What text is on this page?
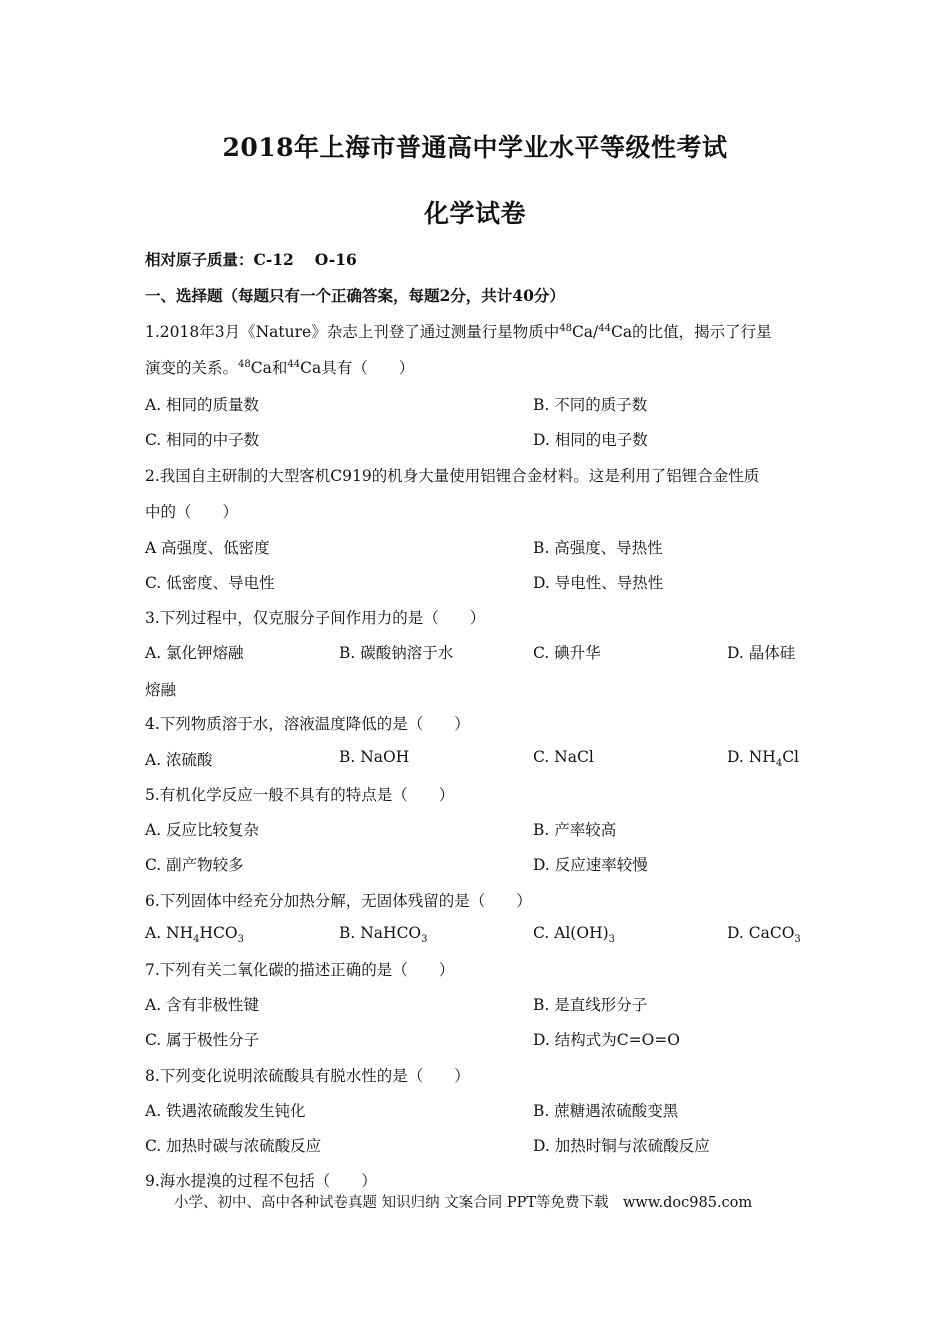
2018年上海市普通高中学业水平等级性考试
化学试卷
相对原子质量：C-12　 O-16
一、选择题（每题只有一个正确答案，每题2分，共计40分）
1.2018年3月《Nature》杂志上刊登了通过测量行星物质中$^{48}$Ca/$^{44}$Ca的比值，揭示了行星
演变的关系。$^{48}$Ca和$^{44}$Ca具有（　　）
A. 相同的质量数	B. 不同的质子数
C. 相同的中子数	D. 相同的电子数
2.我国自主研制的大型客机C919的机身大量使用铝锂合金材料。这是利用了铝锂合金性质
中的（　　）
A 高强度、低密度	B. 高强度、导热性
C. 低密度、导电性	D. 导电性、导热性
3.下列过程中，仅克服分子间作用力的是（　　）
A. 氯化钾熔融	B. 碳酸钠溶于水	C. 碘升华	D. 晶体硅
熔融
4.下列物质溶于水，溶液温度降低的是（　　）
A. 浓硫酸	B. NaOH	C. NaCl	D. $NH_4Cl$
5.有机化学反应一般不具有的特点是（　　）
A. 反应比较复杂	B. 产率较高
C. 副产物较多	D. 反应速率较慢
6.下列固体中经充分加热分解，无固体残留的是（　　）
A. $NH_4HCO_3$	B. NaHCO$_3$	C. $Al(OH)_3$	D. CaCO$_3$
7.下列有关二氧化碳的描述正确的是（　　）
A. 含有非极性键	B. 是直线形分子
C. 属于极性分子	D. 结构式为C=O=O
8.下列变化说明浓硫酸具有脱水性的是（　　）
A. 铁遇浓硫酸发生钝化	B. 蔗糖遇浓硫酸变黑
C. 加热时碳与浓硫酸反应	D. 加热时铜与浓硫酸反应
9.海水提溴的过程不包括（　　）
小学、初中、高中各种试卷真题 知识归纳 文案合同 PPT等免费下载　www.doc985.com
